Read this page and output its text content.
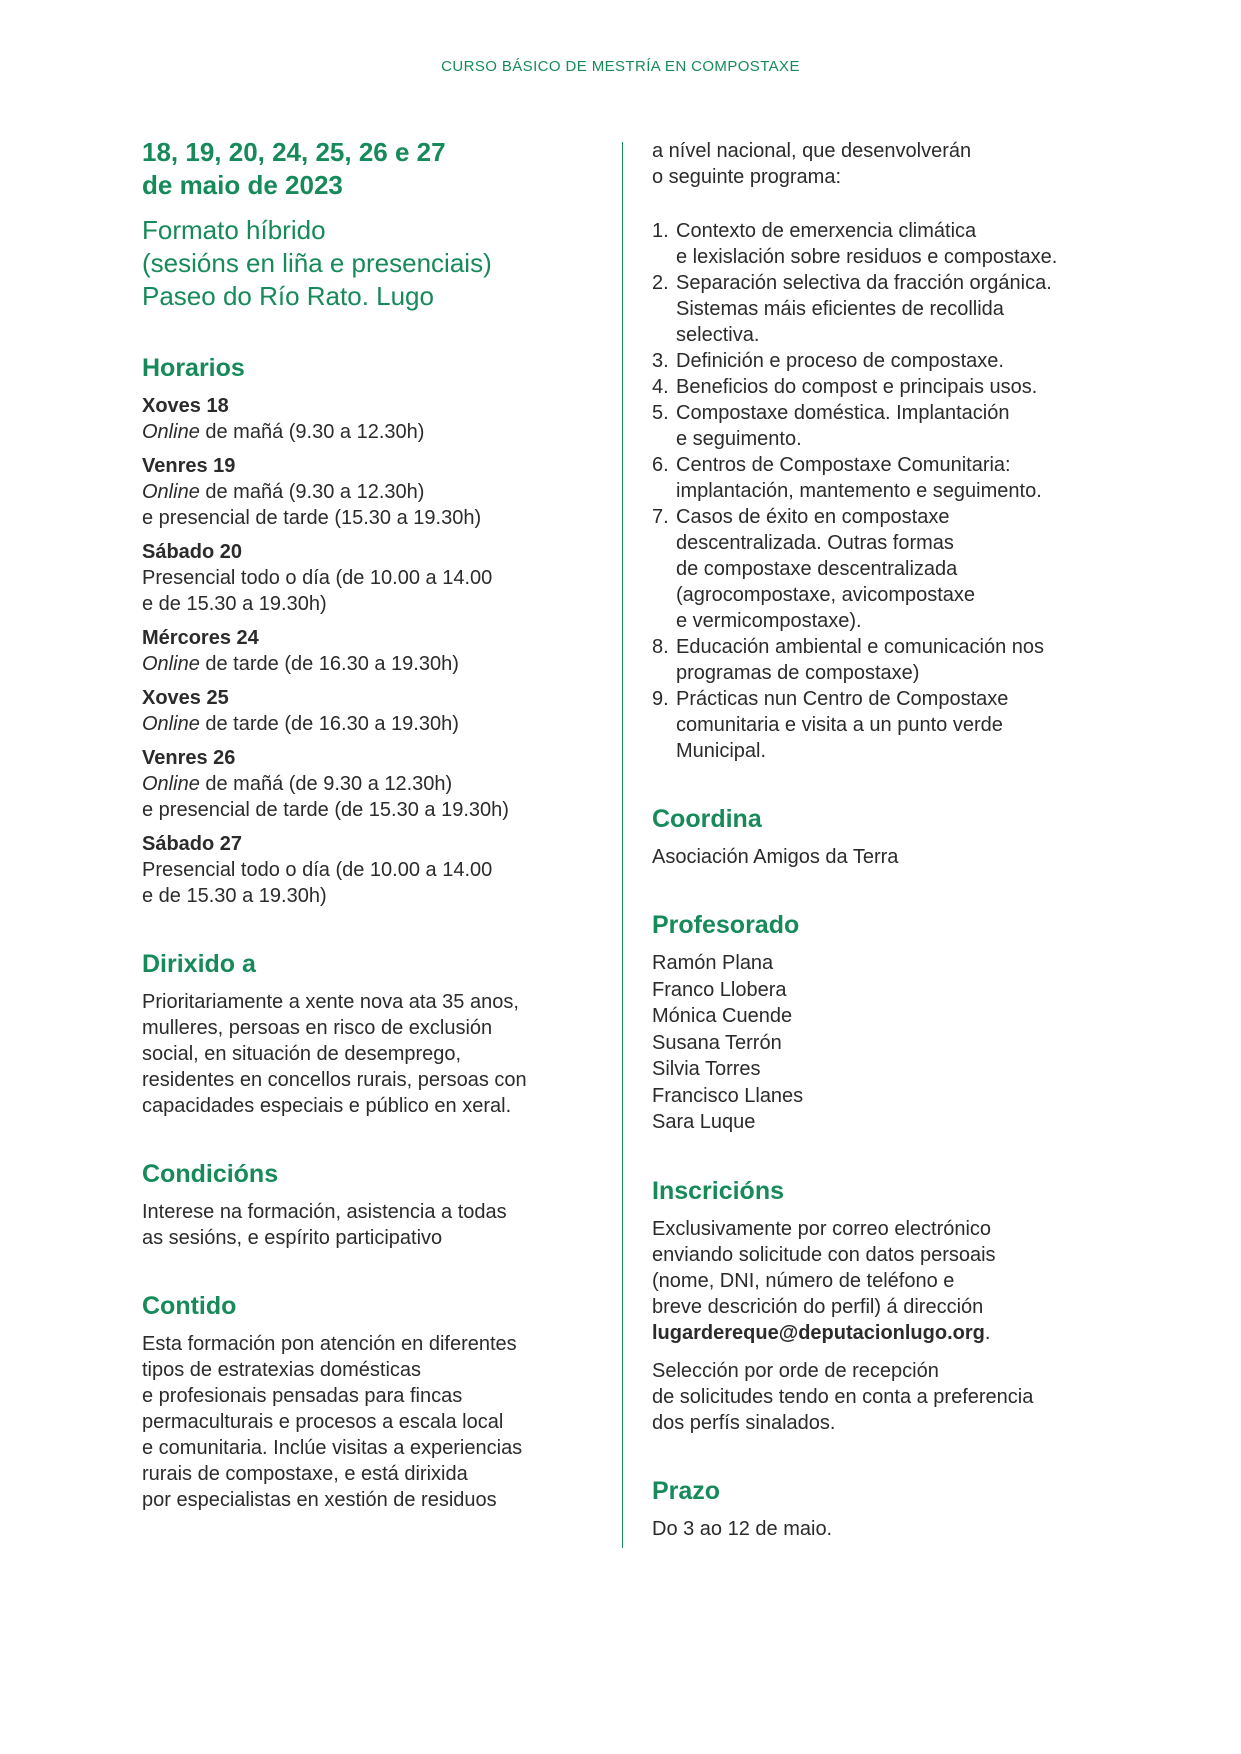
CURSO BÁSICO DE MESTRÍA EN COMPOSTAXE
18, 19, 20, 24, 25, 26 e 27
de maio de 2023
Formato híbrido
(sesións en liña e presenciais)
Paseo do Río Rato. Lugo
Horarios

Xoves 18

Online de mañá (9.30 a 12.30h)

Venres 19

Online de mañá (9.30 a 12.30h)

e presencial de tarde (15.30 a 19.30h)

Sábado 20

Presencial todo o día (de 10.00 a 14.00

e de 15.30 a 19.30h)

Mércores 24

Online de tarde (de 16.30 a 19.30h)

Xoves 25

Online de tarde (de 16.30 a 19.30h)

Venres 26

Online de mañá (de 9.30 a 12.30h)

e presencial de tarde (de 15.30 a 19.30h)

Sábado 27

Presencial todo o día (de 10.00 a 14.00

e de 15.30 a 19.30h)

Dirixido a

Prioritariamente a xente nova ata 35 anos,

mulleres, persoas en risco de exclusión

social, en situación de desemprego,

residentes en concellos rurais, persoas con

capacidades especiais e público en xeral.

Condicións

Interese na formación, asistencia a todas

as sesións, e espírito participativo

Contido

Esta formación pon atención en diferentes

tipos de estratexias domésticas

e profesionais pensadas para fincas

permaculturais e procesos a escala local

e comunitaria. Inclúe visitas a experiencias

rurais de compostaxe, e está dirixida

por especialistas en xestión de residuos

a nível nacional, que desenvolverán

o seguinte programa:

1. Contexto de emerxencia climática
e lexislación sobre residuos e compostaxe.
2. Separación selectiva da fracción orgánica.
Sistemas máis eficientes de recollida
selectiva.
3. Definición e proceso de compostaxe.
4. Beneficios do compost e principais usos.
5. Compostaxe doméstica. Implantación
e seguimento.
6. Centros de Compostaxe Comunitaria:
implantación, mantemento e seguimento.
7. Casos de éxito en compostaxe
descentralizada. Outras formas
de compostaxe descentralizada
(agrocompostaxe, avicompostaxe
e vermicompostaxe).
8. Educación ambiental e comunicación nos
programas de compostaxe)
9. Prácticas nun Centro de Compostaxe
comunitaria e visita a un punto verde
Municipal.
Coordina

Asociación Amigos da Terra

Profesorado
Ramón Plana
Franco Llobera
Mónica Cuende
Susana Terrón
Silvia Torres
Francisco Llanes
Sara Luque
Inscricións

Exclusivamente por correo electrónico

enviando solicitude con datos persoais

(nome, DNI, número de teléfono e

breve descrición do perfil) á dirección

lugardereque@deputacionlugo.org.

Selección por orde de recepción

de solicitudes tendo en conta a preferencia

dos perfís sinalados.

Prazo

Do 3 ao 12 de maio.
